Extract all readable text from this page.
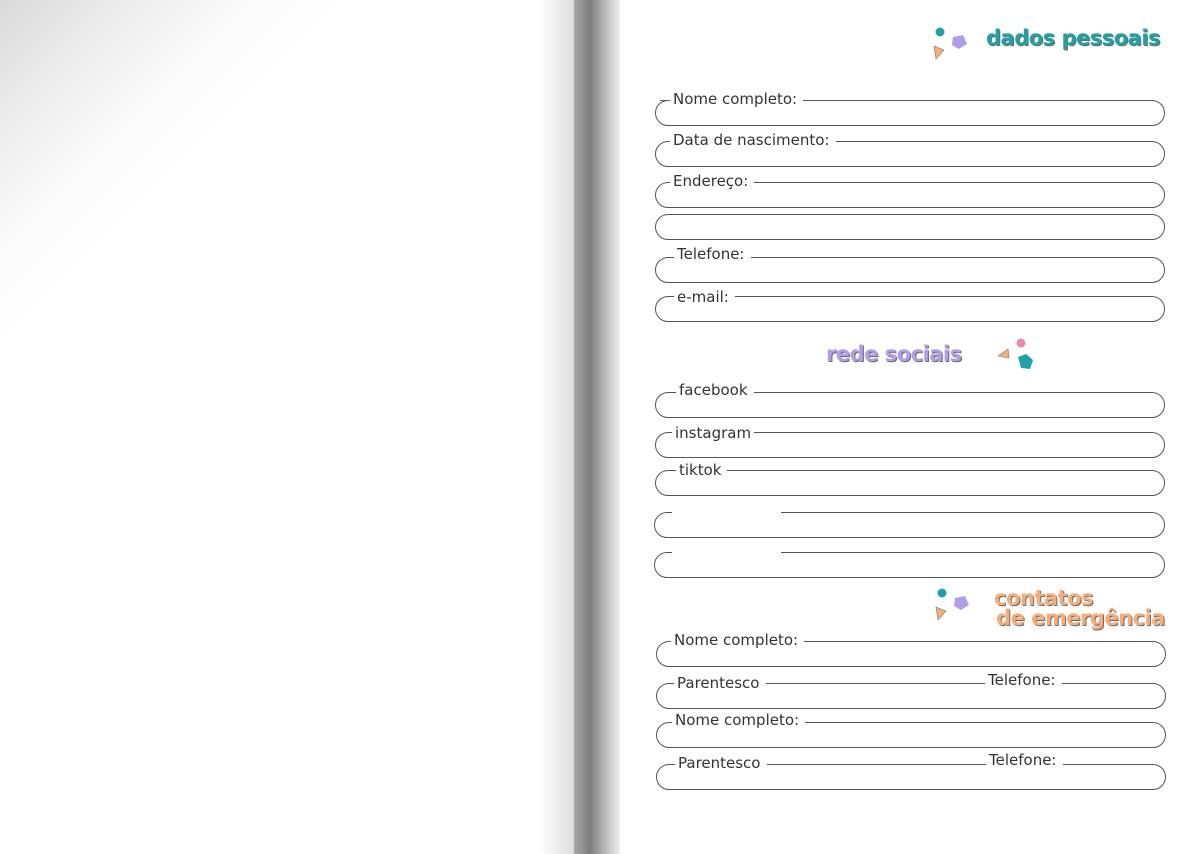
dados pessoais
Nome completo:
Data de nascimento:
Endereço:
Telefone:
e-mail:
rede sociais
facebook
instagram
tiktok
contatos
de emergência
Nome completo:
Parentesco	Telefone:
Nome completo:
Parentesco	Telefone:
